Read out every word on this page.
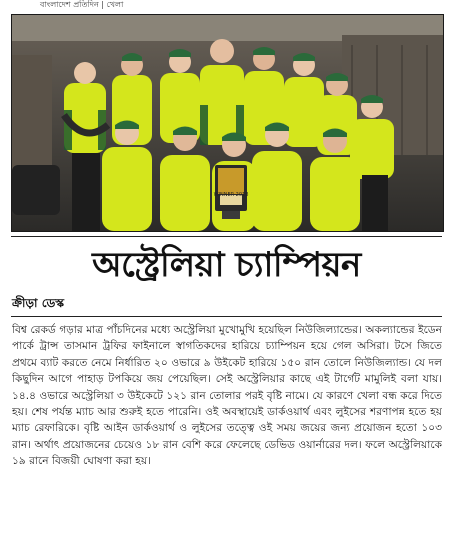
বাংলাদেশ প্রতিদিন | খেলা
WINNER 2018
অস্ট্রেলিয়া চ্যাম্পিয়ন
ক্রীড়া ডেস্ক
বিশ্ব রেকর্ড গড়ার মাত্র পাঁচদিনের মধ্যে অস্ট্রেলিয়া মুখোমুখি হয়েছিল নিউজিল্যান্ডের। অকল্যান্ডের ইডেন পার্কে ট্রান্স তাসমান ট্রফির ফাইনালে স্বাগতিকদের হারিয়ে চ্যাম্পিয়ন হয়ে গেল অসিরা। টসে জিতে প্রথমে ব্যাট করতে নেমে নির্ধারিত ২০ ওভারে ৯ উইকেট হারিয়ে ১৫০ রান তোলে নিউজিল্যান্ড। যে দল কিছুদিন আগে পাহাড় টপকিয়ে জয় পেয়েছিল। সেই অস্ট্রেলিয়ার কাছে এই টার্গেট মামুলিই বলা যায়। ১৪.৪ ওভারে অস্ট্রেলিয়া ৩ উইকেটে ১২১ রান তোলার পরই বৃষ্টি নামে। যে কারণে খেলা বন্ধ করে দিতে হয়। শেষ পর্যন্ত ম্যাচ আর শুরুই হতে পারেনি। ওই অবস্থায়েই ডার্কওয়ার্থ এবং লুইসের শরণাপন্ন হতে হয় ম্যাচ রেফারিকে। বৃষ্টি আইন ডার্কওয়ার্থ ও লুইসের তত্ত্বে ওই সময় জয়ের জন্য প্রয়োজন হতো ১০৩ রান। অর্থাৎ প্রয়োজনের চেয়েও ১৮ রান বেশি করে ফেলেছে ডেভিড ওয়ার্নারের দল। ফলে অস্ট্রেলিয়াকে ১৯ রানে বিজয়ী ঘোষণা করা হয়।
